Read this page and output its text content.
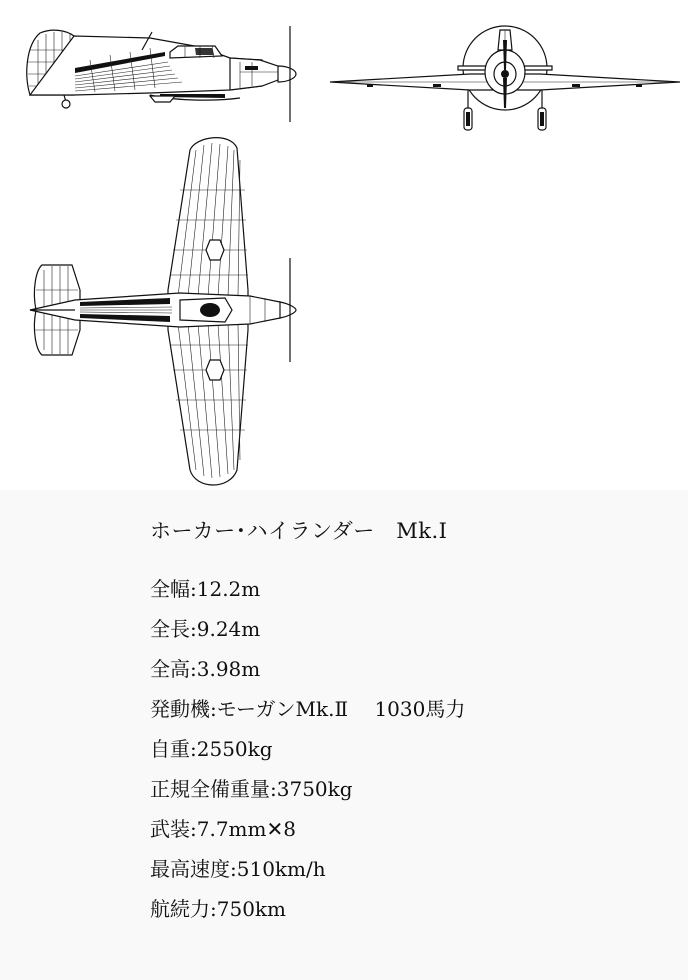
ホーカー･ハイランダー　Mk.Ⅰ
全幅:12.2m
全長:9.24m
全高:3.98m
発動機:モーガンMk.Ⅱ　 1030馬力
自重:2550kg
正規全備重量:3750kg
武装:7.7mm✕8
最高速度:510km/h
航続力:750km
